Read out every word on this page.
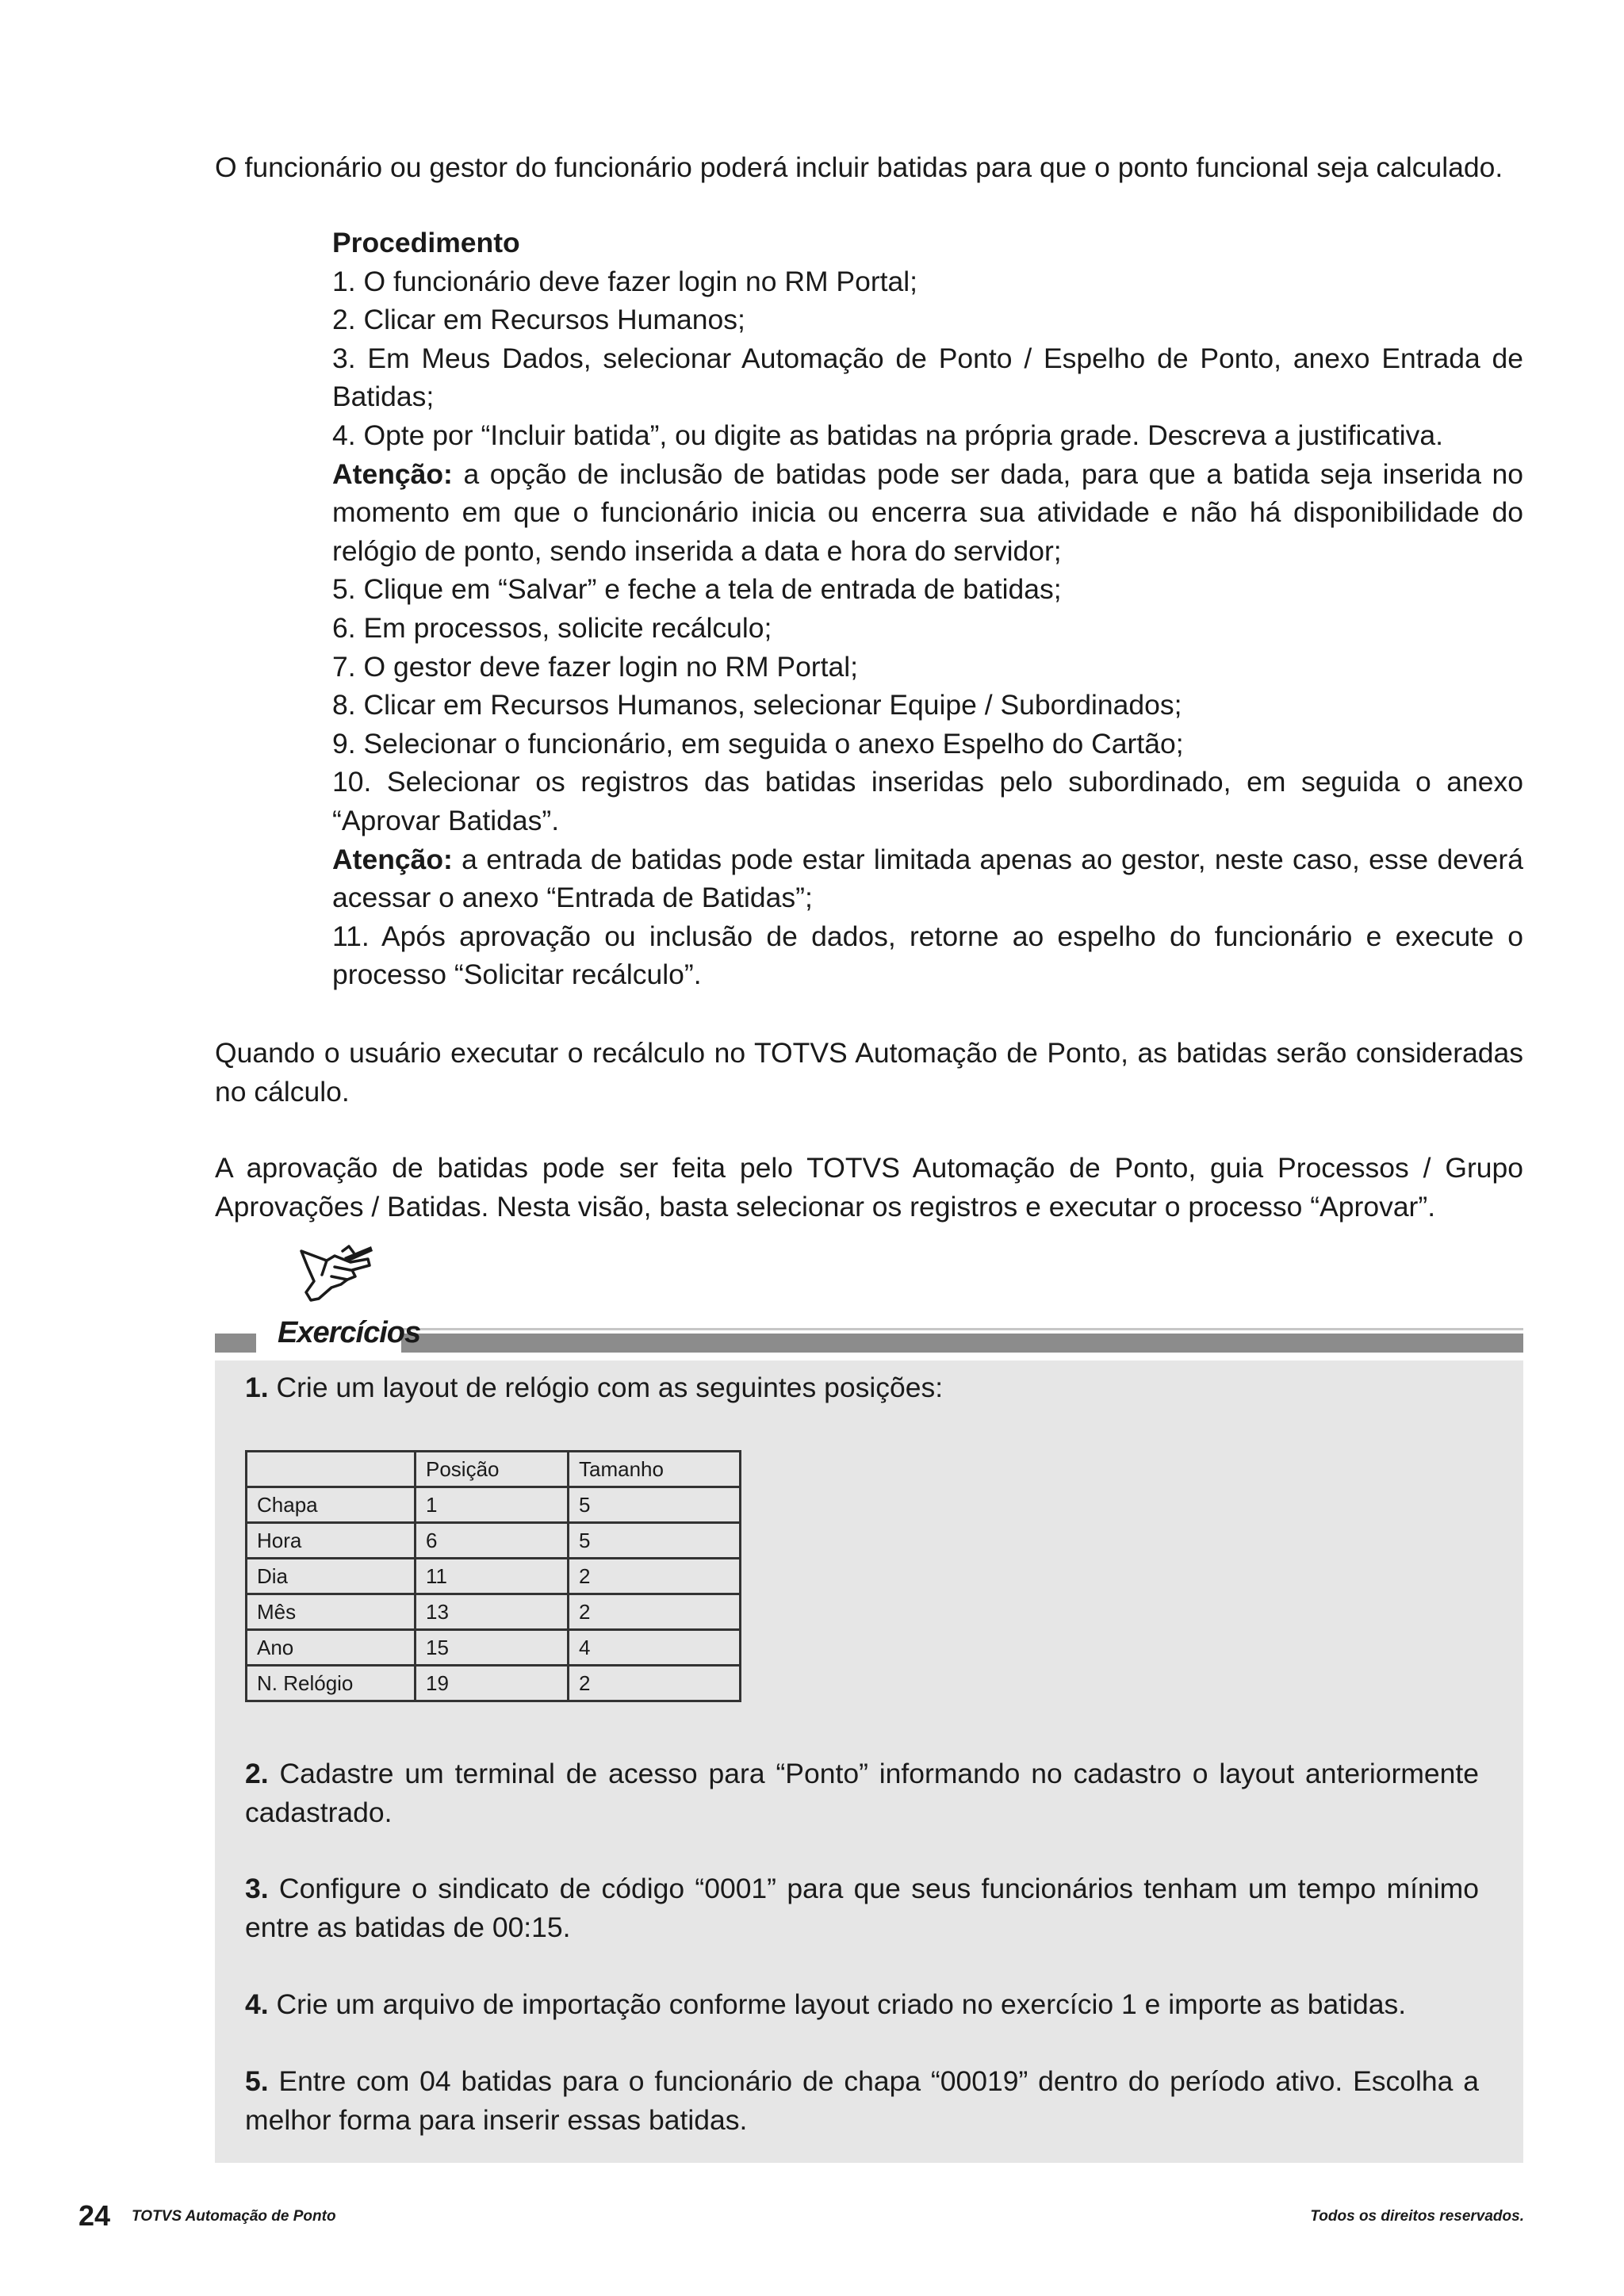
O funcionário ou gestor do funcionário poderá incluir batidas para que o ponto funcional seja calculado.

Procedimento
1. O funcionário deve fazer login no RM Portal;
2. Clicar em Recursos Humanos;
3. Em Meus Dados, selecionar Automação de Ponto / Espelho de Ponto, anexo Entrada de Batidas;
4. Opte por “Incluir batida”, ou digite as batidas na própria grade. Descreva a justificativa.
Atenção: a opção de inclusão de batidas pode ser dada, para que a batida seja inserida no momento em que o funcionário inicia ou encerra sua atividade e não há disponibilidade do relógio de ponto, sendo inserida a data e hora do servidor;
5. Clique em “Salvar” e feche a tela de entrada de batidas;
6. Em processos, solicite recálculo;
7. O gestor deve fazer login no RM Portal;
8. Clicar em Recursos Humanos, selecionar Equipe / Subordinados;
9. Selecionar o funcionário, em seguida o anexo Espelho do Cartão;
10. Selecionar os registros das batidas inseridas pelo subordinado, em seguida o anexo “Aprovar Batidas”.
Atenção: a entrada de batidas pode estar limitada apenas ao gestor, neste caso, esse deverá acessar o anexo “Entrada de Batidas”;
11. Após aprovação ou inclusão de dados, retorne ao espelho do funcionário e execute o processo “Solicitar recálculo”.

Quando o usuário executar o recálculo no TOTVS Automação de Ponto, as batidas serão consideradas no cálculo.

A aprovação de batidas pode ser feita pelo TOTVS Automação de Ponto, guia Processos / Grupo Aprovações / Batidas. Nesta visão, basta selecionar os registros e executar o processo “Aprovar”.

Exercícios

1. Crie um layout de relógio com as seguintes posições:

	Posição	Tamanho
Chapa	1	5
Hora	6	5
Dia	11	2
Mês	13	2
Ano	15	4
N. Relógio	19	2

2. Cadastre um terminal de acesso para “Ponto” informando no cadastro o layout anteriormente cadastrado.

3. Configure o sindicato de código “0001” para que seus funcionários tenham um tempo mínimo entre as batidas de 00:15.

4. Crie um arquivo de importação conforme layout criado no exercício 1 e importe as batidas.

5. Entre com 04 batidas para o funcionário de chapa “00019” dentro do período ativo. Escolha a melhor forma para inserir essas batidas.

24 TOTVS Automação de Ponto	Todos os direitos reservados.
